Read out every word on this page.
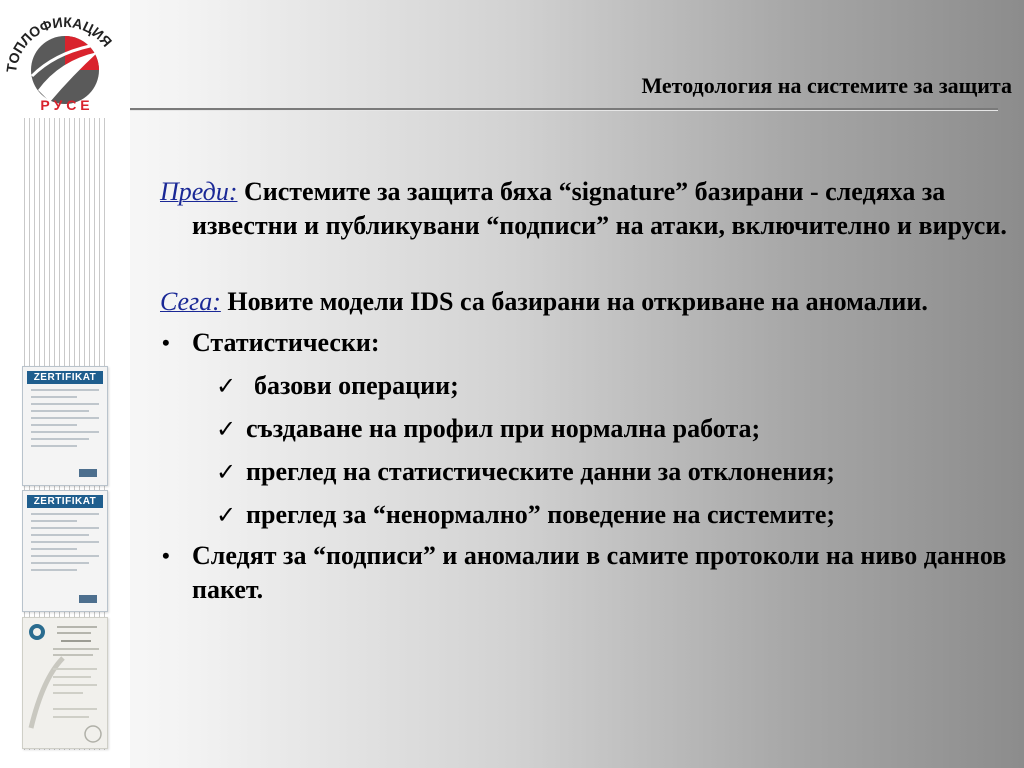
ТОПЛОФИКАЦИЯ
Р У С Е
ZERTIFIKAT
ZERTIFIKAT
Методология на системите за защита

Преди: Системите за защита бяха “signature” базирани - следяха за известни и публикувани “подписи” на атаки, включително и вируси.

Сега: Новите модели IDS са базирани на откриване на аномалии.

• Статистически:
✓ базови операции;
✓ създаване на профил при нормална работа;
✓ преглед на статистическите данни за отклонения;
✓ преглед за “ненормално” поведение на системите;
• Следят за “подписи” и аномалии в самите протоколи на ниво даннов пакет.
